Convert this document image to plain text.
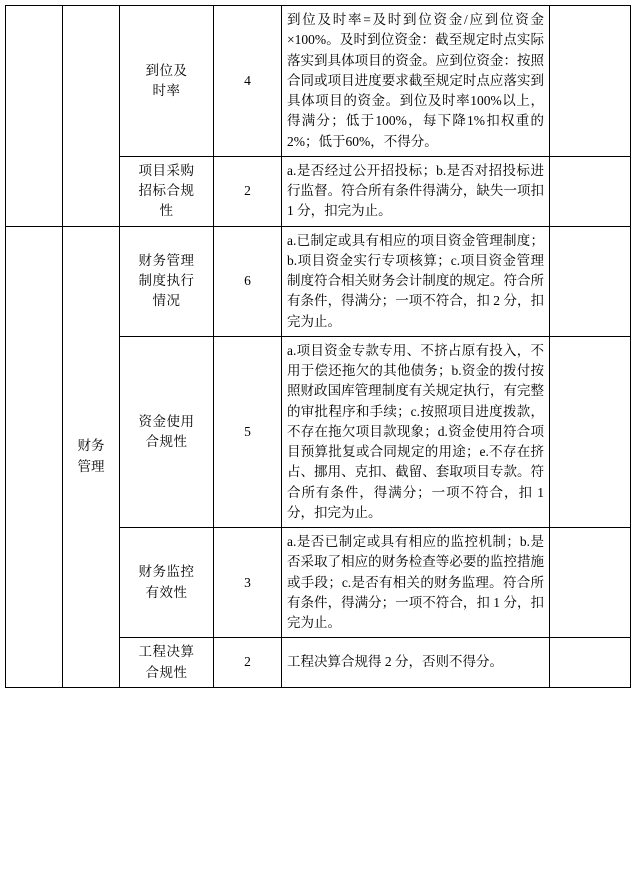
		到位及
时率	4	到位及时率=及时到位资金/应到位资金×100%。及时到位资金：截至规定时点实际落实到具体项目的资金。应到位资金：按照合同或项目进度要求截至规定时点应落实到具体项目的资金。到位及时率100%以上，得满分；低于100%，每下降1%扣权重的2%；低于60%，不得分。	

		项目采购
招标合规
性	2	a.是否经过公开招投标；b.是否对招投标进行监督。符合所有条件得满分，缺失一项扣 1 分，扣完为止。	

	财务
管理	财务管理
制度执行
情况	6	a.已制定或具有相应的项目资金管理制度；b.项目资金实行专项核算；c.项目资金管理制度符合相关财务会计制度的规定。符合所有条件，得满分；一项不符合，扣 2 分，扣完为止。	

		资金使用
合规性	5	a.项目资金专款专用、不挤占原有投入，不用于偿还拖欠的其他债务；b.资金的拨付按照财政国库管理制度有关规定执行，有完整的审批程序和手续；c.按照项目进度拨款，不存在拖欠项目款现象；d.资金使用符合项目预算批复或合同规定的用途；e.不存在挤占、挪用、克扣、截留、套取项目专款。符合所有条件，得满分；一项不符合，扣 1 分，扣完为止。	

		财务监控
有效性	3	a.是否已制定或具有相应的监控机制；b.是否采取了相应的财务检查等必要的监控措施或手段；c.是否有相关的财务监理。符合所有条件，得满分；一项不符合，扣 1 分，扣完为止。	

		工程决算
合规性	2	工程决算合规得 2 分，否则不得分。	
